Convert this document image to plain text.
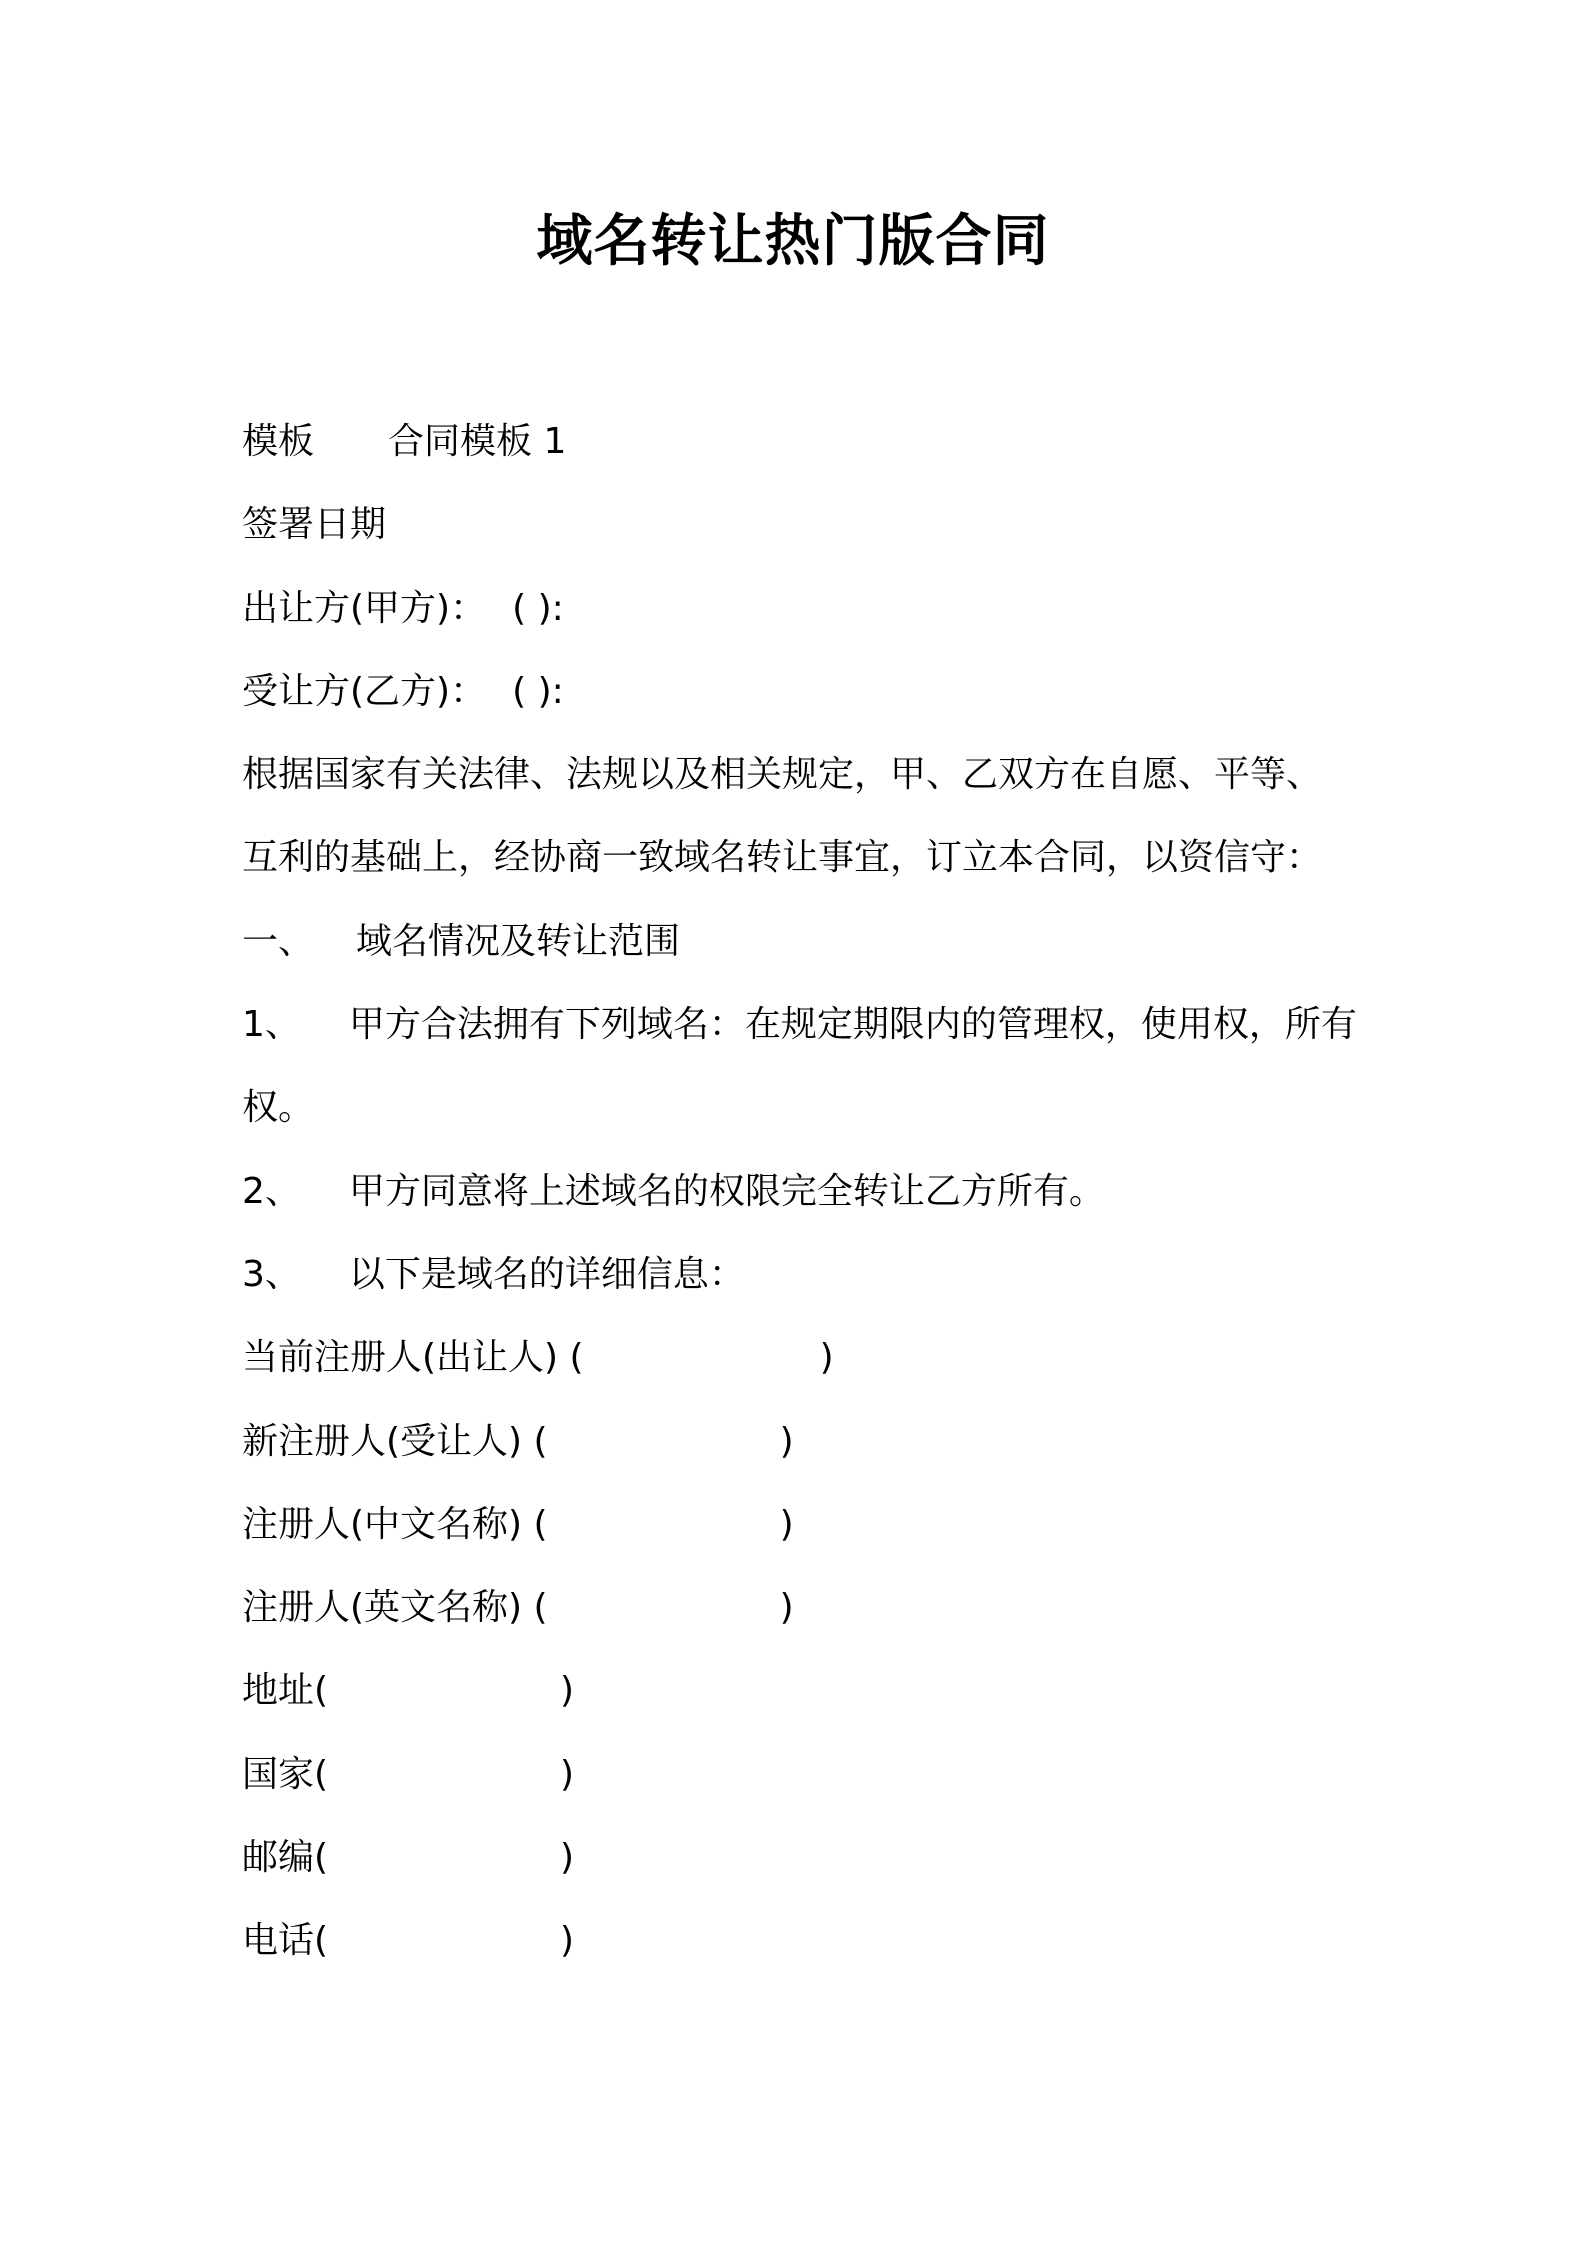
域名转让热门版合同
模板 合同模板 1
签署日期
出让方(甲方)： ( ):
受让方(乙方)： ( ):
根据国家有关法律、法规以及相关规定，甲、乙双方在自愿、平等、
互利的基础上，经协商一致域名转让事宜，订立本合同，以资信守：
一、 域名情况及转让范围
1、 甲方合法拥有下列域名：在规定期限内的管理权，使用权，所有
权。
2、 甲方同意将上述域名的权限完全转让乙方所有。
3、 以下是域名的详细信息：
当前注册人(出让人) (	)
新注册人(受让人) (	)
注册人(中文名称) (	)
注册人(英文名称) (	)
地址(	)
国家(	)
邮编(	)
电话(	)
